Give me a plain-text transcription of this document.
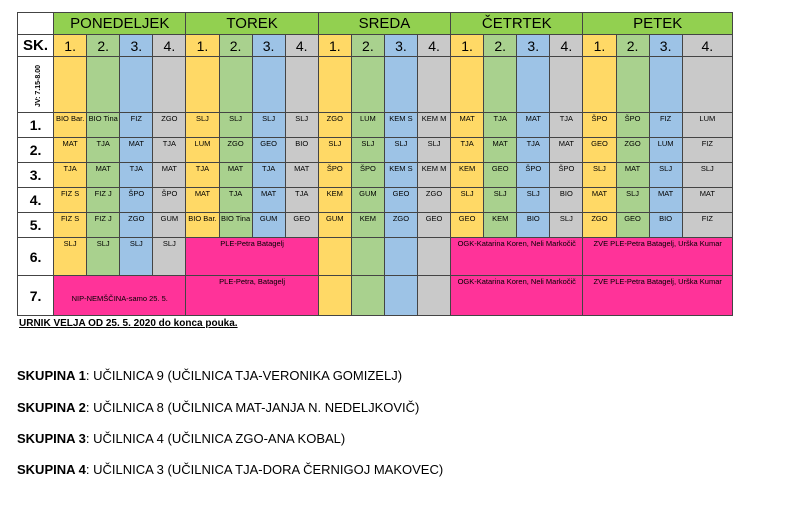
	PONEDELJEK				TOREK				SREDA				ČETRTEK				PETEK			
SK.	1.	2.	3.	4.	1.	2.	3.	4.	1.	2.	3.	4.	1.	2.	3.	4.	1.	2.	3.	4.
JV: 7.15-8.00																				
1.	BIO Bar.	BIO Tina	FIZ	ZGO	SLJ	SLJ	SLJ	SLJ	ZGO	LUM	KEM S	KEM M	MAT	TJA	MAT	TJA	ŠPO	ŠPO	FIZ	LUM
2.	MAT	TJA	MAT	TJA	LUM	ZGO	GEO	BIO	SLJ	SLJ	SLJ	SLJ	TJA	MAT	TJA	MAT	GEO	ZGO	LUM	FIZ
3.	TJA	MAT	TJA	MAT	TJA	MAT	TJA	MAT	ŠPO	ŠPO	KEM S	KEM M	KEM	GEO	ŠPO	ŠPO	SLJ	MAT	SLJ	SLJ
4.	FIZ S	FIZ J	ŠPO	ŠPO	MAT	TJA	MAT	TJA	KEM	GUM	GEO	ZGO	SLJ	SLJ	SLJ	BIO	MAT	SLJ	MAT	MAT
5.	FIZ S	FIZ J	ZGO	GUM	BIO Bar.	BIO Tina	GUM	GEO	GUM	KEM	ZGO	GEO	GEO	KEM	BIO	SLJ	ZGO	GEO	BIO	FIZ
6.	SLJ	SLJ	SLJ	SLJ	PLE-Petra Batagelj								OGK-Katarina Koren, Neli Markočič				ZVE PLE-Petra Batagelj, Urška Kumar			
7.	NIP-NEMŠČINA-samo 25. 5.				PLE-Petra, Batagelj								OGK-Katarina Koren, Neli Markočič				ZVE PLE-Petra Batagelj, Urška Kumar			
URNIK VELJA OD 25. 5. 2020 do konca pouka.
SKUPINA 1: UČILNICA 9 (UČILNICA TJA-VERONIKA GOMIZELJ)
SKUPINA 2: UČILNICA 8 (UČILNICA MAT-JANJA N. NEDELJKOVIČ)
SKUPINA 3: UČILNICA 4 (UČILNICA ZGO-ANA KOBAL)
SKUPINA 4: UČILNICA 3 (UČILNICA TJA-DORA ČERNIGOJ MAKOVEC)
